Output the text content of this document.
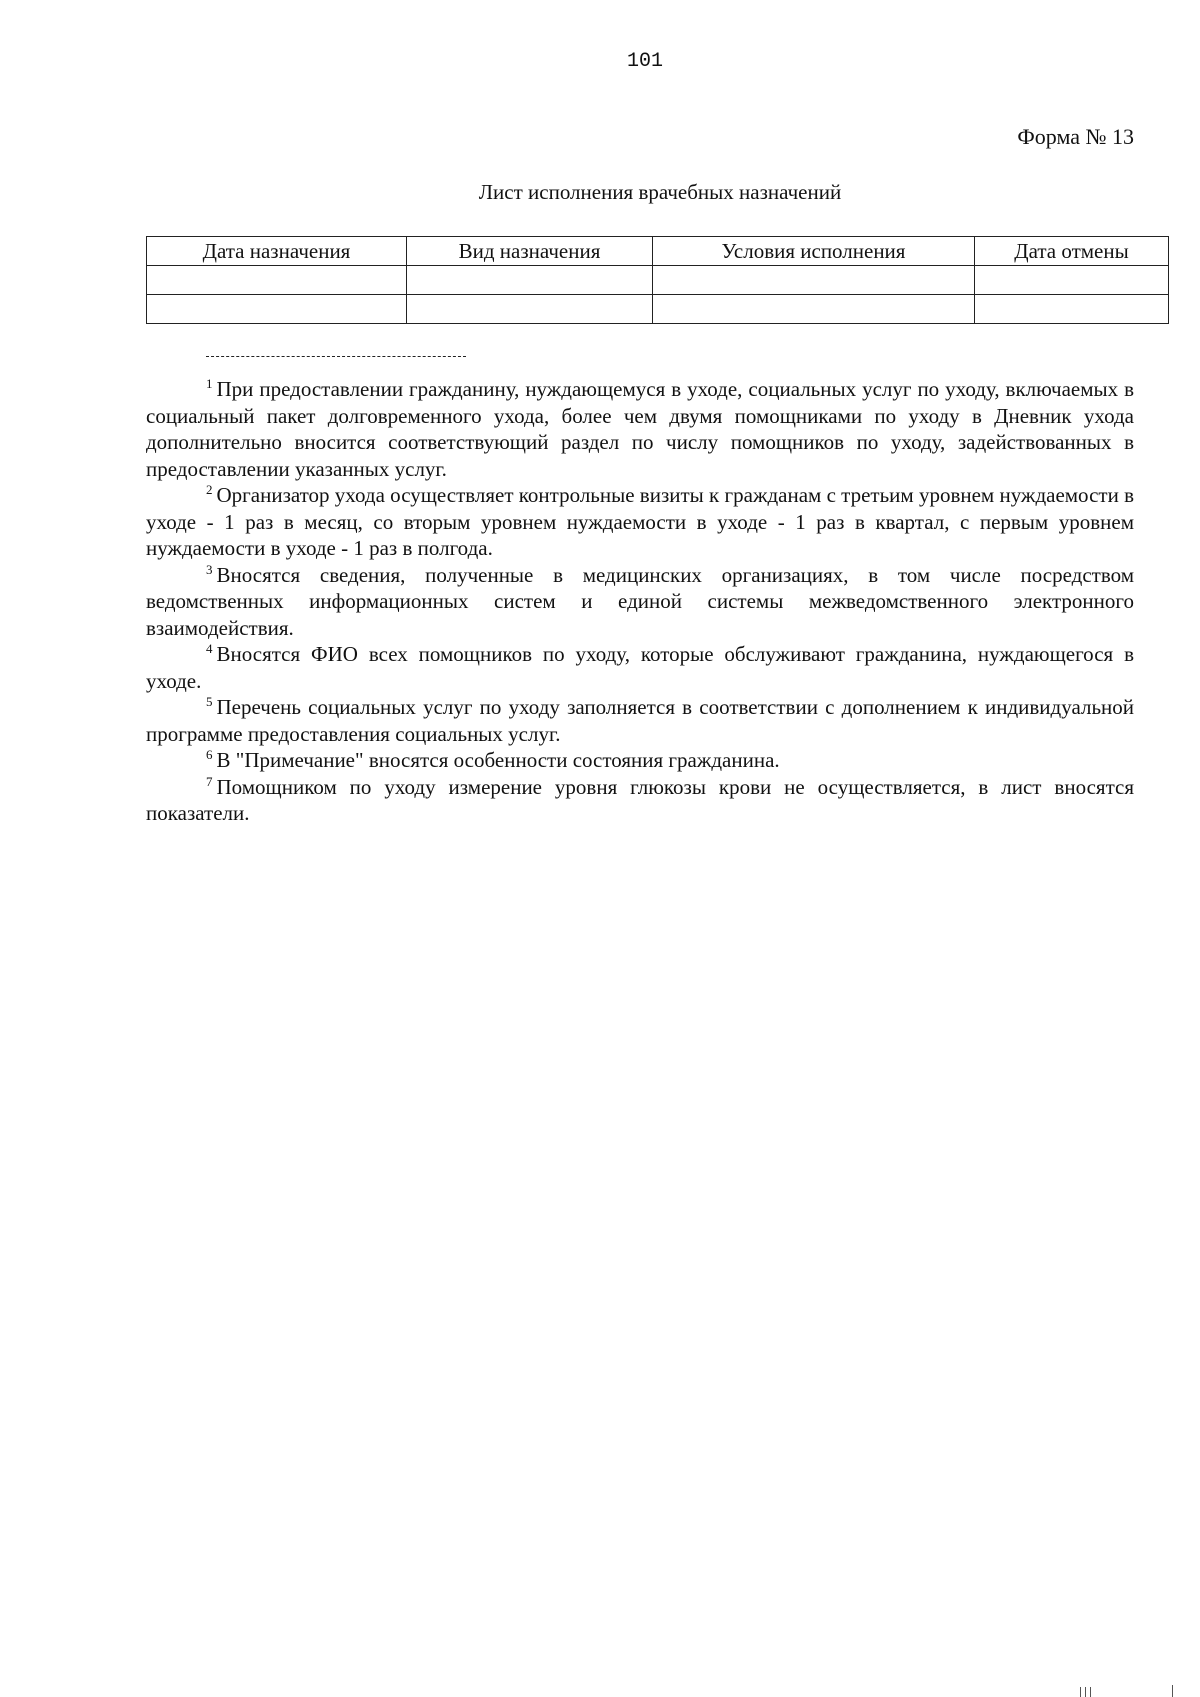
101
Форма № 13
Лист исполнения врачебных назначений
Дата назначения	Вид назначения	Условия исполнения	Дата отмены

$^1$ При предоставлении гражданину, нуждающемуся в уходе, социальных услуг по уходу, включаемых в социальный пакет долговременного ухода, более чем двумя помощниками по уходу в Дневник ухода дополнительно вносится соответствующий раздел по числу помощников по уходу, задействованных в предоставлении указанных услуг.

$^2$ Организатор ухода осуществляет контрольные визиты к гражданам с третьим уровнем нуждаемости в уходе - 1 раз в месяц, со вторым уровнем нуждаемости в уходе - 1 раз в квартал, с первым уровнем нуждаемости в уходе - 1 раз в полгода.

$^3$ Вносятся сведения, полученные в медицинских организациях, в том числе посредством ведомственных информационных систем и единой системы межведомственного электронного взаимодействия.

$^4$ Вносятся ФИО всех помощников по уходу, которые обслуживают гражданина, нуждающегося в уходе.

$^5$ Перечень социальных услуг по уходу заполняется в соответствии с дополнением к индивидуальной программе предоставления социальных услуг.

$^6$ В "Примечание" вносятся особенности состояния гражданина.

$^7$ Помощником по уходу измерение уровня глюкозы крови не осуществляется, в лист вносятся показатели.
